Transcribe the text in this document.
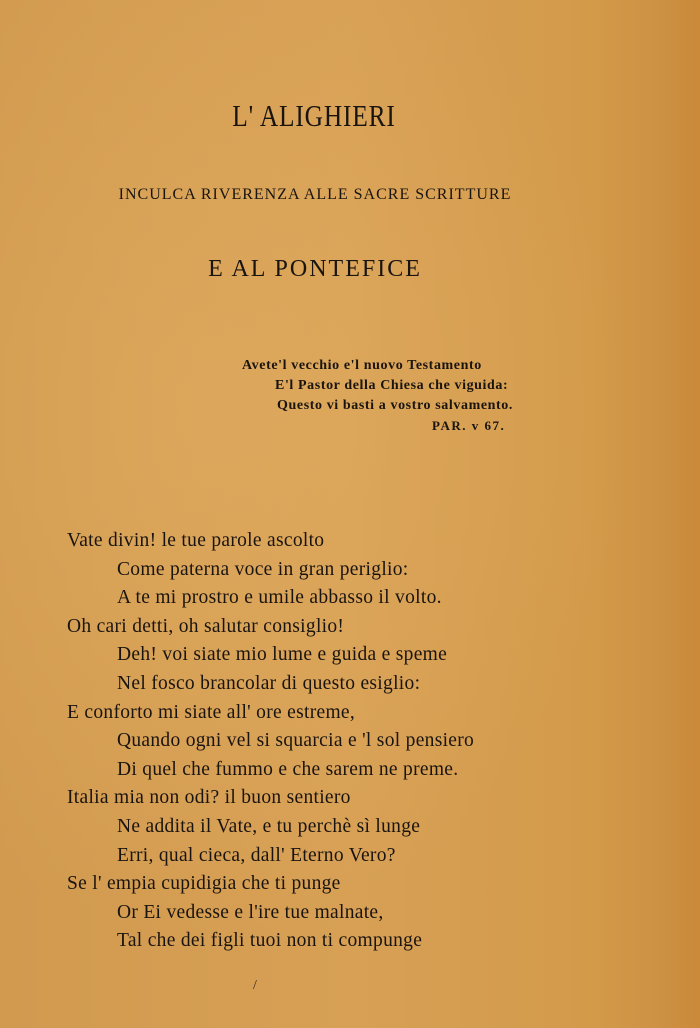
L' ALIGHIERI
INCULCA RIVERENZA ALLE SACRE SCRITTURE
E AL PONTEFICE
Avete'l vecchio e'l nuovo Testamento
E'l Pastor della Chiesa che viguida:
Questo vi basti a vostro salvamento.
PAR. v 67.
Vate divin! le tue parole ascolto
Come paterna voce in gran periglio:
A te mi prostro e umile abbasso il volto.
Oh cari detti, oh salutar consiglio!
Deh! voi siate mio lume e guida e speme
Nel fosco brancolar di questo esiglio:
E conforto mi siate all' ore estreme,
Quando ogni vel si squarcia e 'l sol pensiero
Di quel che fummo e che sarem ne preme.
Italia mia non odi? il buon sentiero
Ne addita il Vate, e tu perchè sì lunge
Erri, qual cieca, dall' Eterno Vero?
Se l' empia cupidigia che ti punge
Or Ei vedesse e l'ire tue malnate,
Tal che dei figli tuoi non ti compunge
/
